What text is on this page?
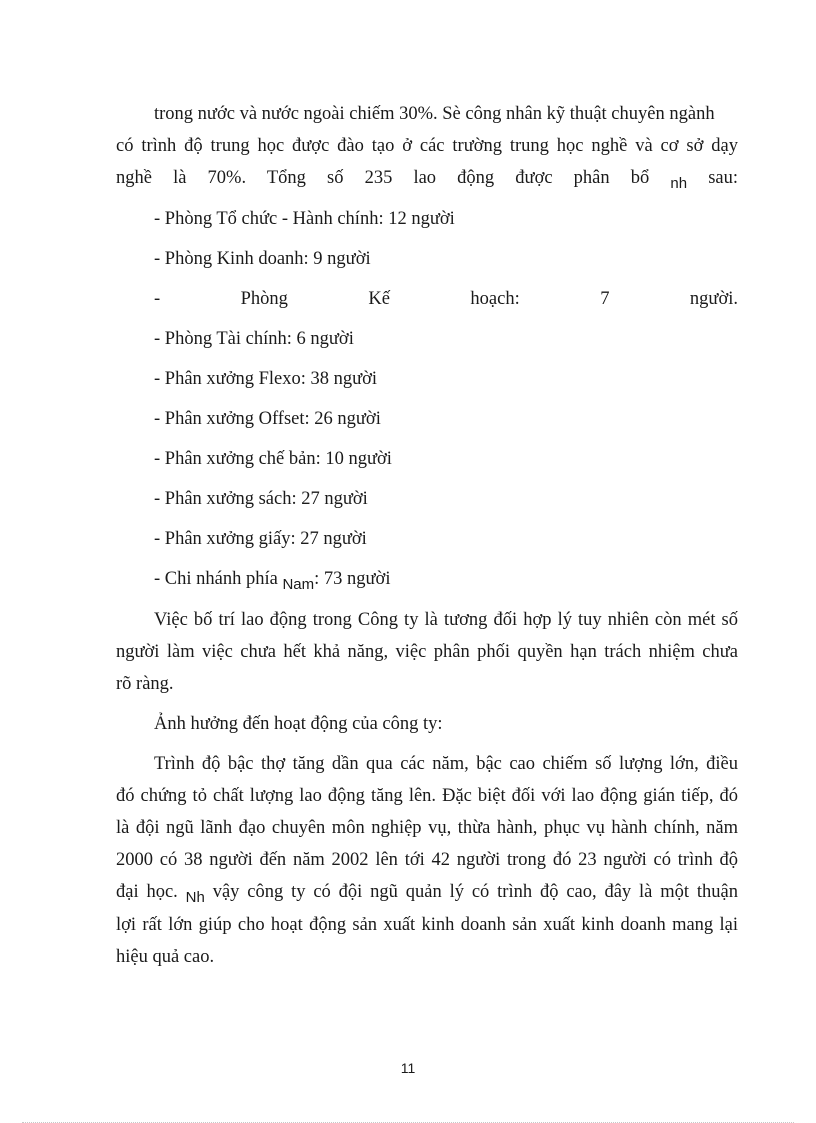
trong nước và nước ngoài chiếm 30%. Sè công nhân kỹ thuật chuyên ngành

có trình độ trung học được đào tạo ở các trường trung học nghề và cơ sở dạy

nghề là 70%. Tổng số 235 lao động được phân bổ $_{nh}$ sau:

- Phòng Tổ chức - Hành chính: 12 người

- Phòng Kinh doanh: 9 người

- Phòng Kế hoạch: 7 người.

- Phòng Tài chính: 6 người

- Phân xưởng Flexo: 38 người

- Phân xưởng Offset: 26 người

- Phân xưởng chế bản: 10 người

- Phân xưởng sách: 27 người

- Phân xưởng giấy: 27 người

- Chi nhánh phía $_{Nam}$: 73 người

Việc bố trí lao động trong Công ty là tương đối hợp lý tuy nhiên còn mét số

người làm việc chưa hết khả năng, việc phân phối quyền hạn trách nhiệm chưa

rõ ràng.

Ảnh hưởng đến hoạt động của công ty:

Trình độ bậc thợ tăng dần qua các năm, bậc cao chiếm số lượng lớn, điều

đó chứng tỏ chất lượng lao động tăng lên. Đặc biệt đối với lao động gián tiếp, đó

là đội ngũ lãnh đạo chuyên môn nghiệp vụ, thừa hành, phục vụ hành chính, năm

2000 có 38 người đến năm 2002 lên tới 42 người trong đó 23 người có trình độ

đại học. $_{Nh}$ vậy công ty có đội ngũ quản lý có trình độ cao, đây là một thuận

lợi rất lớn giúp cho hoạt động sản xuất kinh doanh sản xuất kinh doanh mang lại

hiệu quả cao.

11
